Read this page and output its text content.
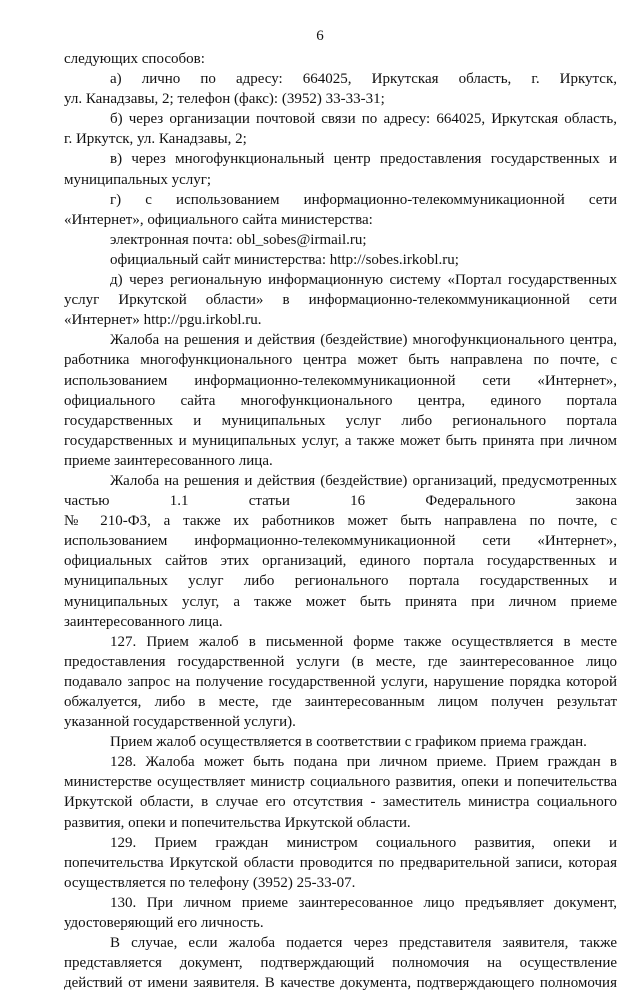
6
следующих способов:
а) лично по адресу: 664025, Иркутская область, г. Иркутск,
ул. Канадзавы, 2; телефон (факс): (3952) 33-33-31;
б) через организации почтовой связи по адресу: 664025, Иркутская область,
г. Иркутск, ул. Канадзавы, 2;
в) через многофункциональный центр предоставления государственных и
муниципальных услуг;
г) с использованием информационно-телекоммуникационной сети
«Интернет», официального сайта министерства:
электронная почта: obl_sobes@irmail.ru;
официальный сайт министерства: http://sobes.irkobl.ru;
д) через региональную информационную систему «Портал государственных
услуг Иркутской области» в информационно-телекоммуникационной сети
«Интернет» http://pgu.irkobl.ru.
Жалоба на решения и действия (бездействие) многофункционального центра,
работника многофункционального центра может быть направлена по почте, с
использованием информационно-телекоммуникационной сети «Интернет»,
официального сайта многофункционального центра, единого портала
государственных и муниципальных услуг либо регионального портала
государственных и муниципальных услуг, а также может быть принята при личном
приеме заинтересованного лица.
Жалоба на решения и действия (бездействие) организаций, предусмотренных
частью 1.1 статьи 16 Федерального закона
№ 210-ФЗ, а также их работников может быть направлена по почте, с
использованием информационно-телекоммуникационной сети «Интернет»,
официальных сайтов этих организаций, единого портала государственных и
муниципальных услуг либо регионального портала государственных и
муниципальных услуг, а также может быть принята при личном приеме
заинтересованного лица.
127. Прием жалоб в письменной форме также осуществляется в месте
предоставления государственной услуги (в месте, где заинтересованное лицо
подавало запрос на получение государственной услуги, нарушение порядка которой
обжалуется, либо в месте, где заинтересованным лицом получен результат
указанной государственной услуги).
Прием жалоб осуществляется в соответствии с графиком приема граждан.
128. Жалоба может быть подана при личном приеме. Прием граждан в
министерстве осуществляет министр социального развития, опеки и попечительства
Иркутской области, в случае его отсутствия - заместитель министра социального
развития, опеки и попечительства Иркутской области.
129. Прием граждан министром социального развития, опеки и
попечительства Иркутской области проводится по предварительной записи, которая
осуществляется по телефону (3952) 25-33-07.
130. При личном приеме заинтересованное лицо предъявляет документ,
удостоверяющий его личность.
В случае, если жалоба подается через представителя заявителя, также
представляется документ, подтверждающий полномочия на осуществление
действий от имени заявителя. В качестве документа, подтверждающего полномочия
